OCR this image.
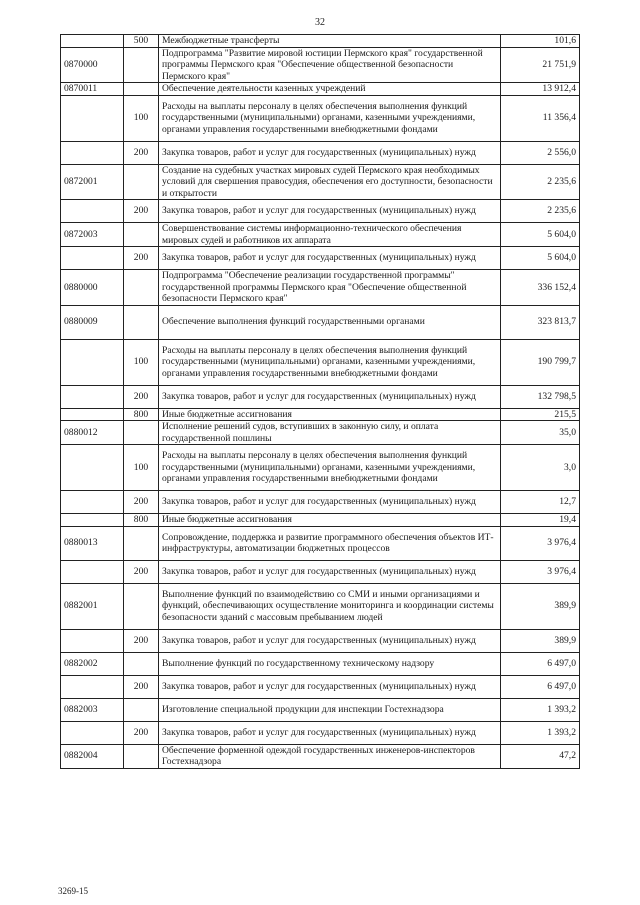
32
	500	Межбюджетные трансферты	101,6
0870000		Подпрограмма "Развитие мировой юстиции Пермского края" государственной программы Пермского края "Обеспечение общественной безопасности Пермского края"	21 751,9
0870011		Обеспечение деятельности казенных учреждений	13 912,4
	100	Расходы на выплаты персоналу в целях обеспечения выполнения функций государственными (муниципальными) органами, казенными учреждениями, органами управления государственными внебюджетными фондами	11 356,4
	200	Закупка товаров, работ и услуг для государственных (муниципальных) нужд	2 556,0
0872001		Создание на судебных участках мировых судей Пермского края необходимых условий для свершения правосудия, обеспечения его доступности, безопасности и открытости	2 235,6
	200	Закупка товаров, работ и услуг для государственных (муниципальных) нужд	2 235,6
0872003		Совершенствование системы информационно-технического обеспечения мировых судей и работников их аппарата	5 604,0
	200	Закупка товаров, работ и услуг для государственных (муниципальных) нужд	5 604,0
0880000		Подпрограмма "Обеспечение реализации государственной программы" государственной программы Пермского края "Обеспечение общественной безопасности Пермского края"	336 152,4
0880009		Обеспечение выполнения функций государственными органами	323 813,7
	100	Расходы на выплаты персоналу в целях обеспечения выполнения функций государственными (муниципальными) органами, казенными учреждениями, органами управления государственными внебюджетными фондами	190 799,7
	200	Закупка товаров, работ и услуг для государственных (муниципальных) нужд	132 798,5
	800	Иные бюджетные ассигнования	215,5
0880012		Исполнение решений судов, вступивших в законную силу, и оплата государственной пошлины	35,0
	100	Расходы на выплаты персоналу в целях обеспечения выполнения функций государственными (муниципальными) органами, казенными учреждениями, органами управления государственными внебюджетными фондами	3,0
	200	Закупка товаров, работ и услуг для государственных (муниципальных) нужд	12,7
	800	Иные бюджетные ассигнования	19,4
0880013		Сопровождение, поддержка и развитие программного обеспечения объектов ИТ-инфраструктуры, автоматизации бюджетных процессов	3 976,4
	200	Закупка товаров, работ и услуг для государственных (муниципальных) нужд	3 976,4
0882001		Выполнение функций по взаимодействию со СМИ и иными организациями и функций, обеспечивающих осуществление мониторинга и координации системы безопасности зданий с массовым пребыванием людей	389,9
	200	Закупка товаров, работ и услуг для государственных (муниципальных) нужд	389,9
0882002		Выполнение функций по государственному техническому надзору	6 497,0
	200	Закупка товаров, работ и услуг для государственных (муниципальных) нужд	6 497,0
0882003		Изготовление специальной продукции для инспекции Гостехнадзора	1 393,2
	200	Закупка товаров, работ и услуг для государственных (муниципальных) нужд	1 393,2
0882004		Обеспечение форменной одеждой государственных инженеров-инспекторов Гостехнадзора	47,2
3269-15
